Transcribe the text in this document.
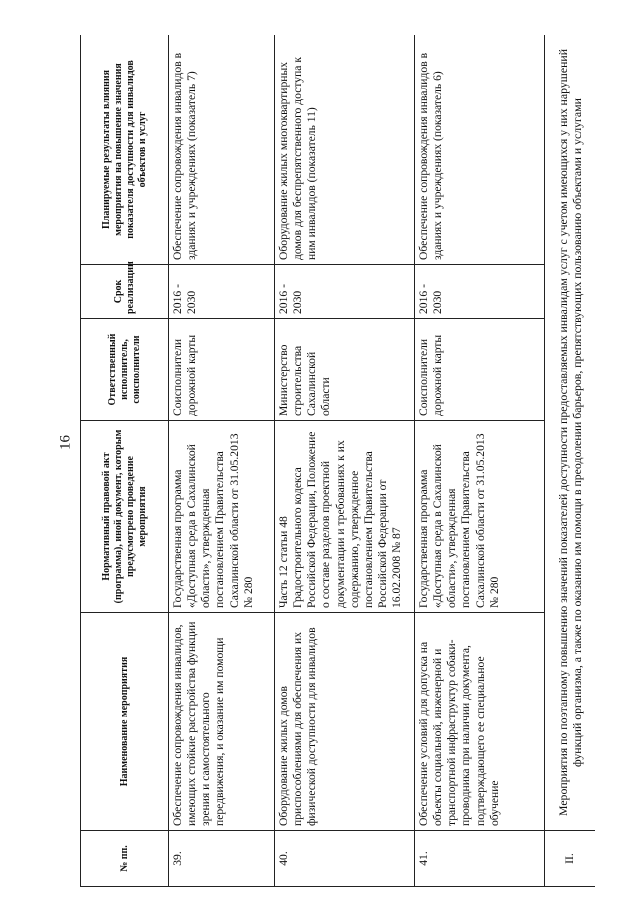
16
№ пп.	Наименование мероприятия	Нормативный правовой акт (программа), иной документ, которым предусмотрено проведение мероприятия	Ответственный исполнитель, соисполнители	Срок реализации	Планируемые результаты влияния мероприятия на повышение значения показателя доступности для инвалидов объектов и услуг
39.	Обеспечение сопровождения инвалидов, имеющих стойкие расстройства функции зрения и самостоятельного передвижения, и оказание им помощи	Государственная программа «Доступная среда в Сахалинской области», утвержденная постановлением Правительства Сахалинской области от 31.05.2013 № 280	Соисполнители дорожной карты	2016 - 2030	Обеспечение сопровождения инвалидов в зданиях и учреждениях (показатель 7)
40.	Оборудование жилых домов приспособлениями для обеспечения их физической доступности для инвалидов	Часть 12 статьи 48 Градостроительного кодекса Российской Федерации, Положение о составе разделов проектной документации и требованиях к их содержанию, утвержденное постановлением Правительства Российской Федерации от 16.02.2008 № 87	Министерство строительства Сахалинской области	2016 - 2030	Оборудование жилых многоквартирных домов для беспрепятственного доступа к ним инвалидов (показатель 11)
41.	Обеспечение условий для допуска на объекты социальной, инженерной и транспортной инфраструктур собаки-проводника при наличии документа, подтверждающего ее специальное обучение	Государственная программа «Доступная среда в Сахалинской области», утвержденная постановлением Правительства Сахалинской области от 31.05.2013 № 280	Соисполнители дорожной карты	2016 - 2030	Обеспечение сопровождения инвалидов в зданиях и учреждениях (показатель 6)
II.	Мероприятия по поэтапному повышению значений показателей доступности предоставляемых инвалидам услуг с учетом имеющихся у них нарушений функций организма, а также по оказанию им помощи в преодолении барьеров, препятствующих пользованию объектами и услугами				
